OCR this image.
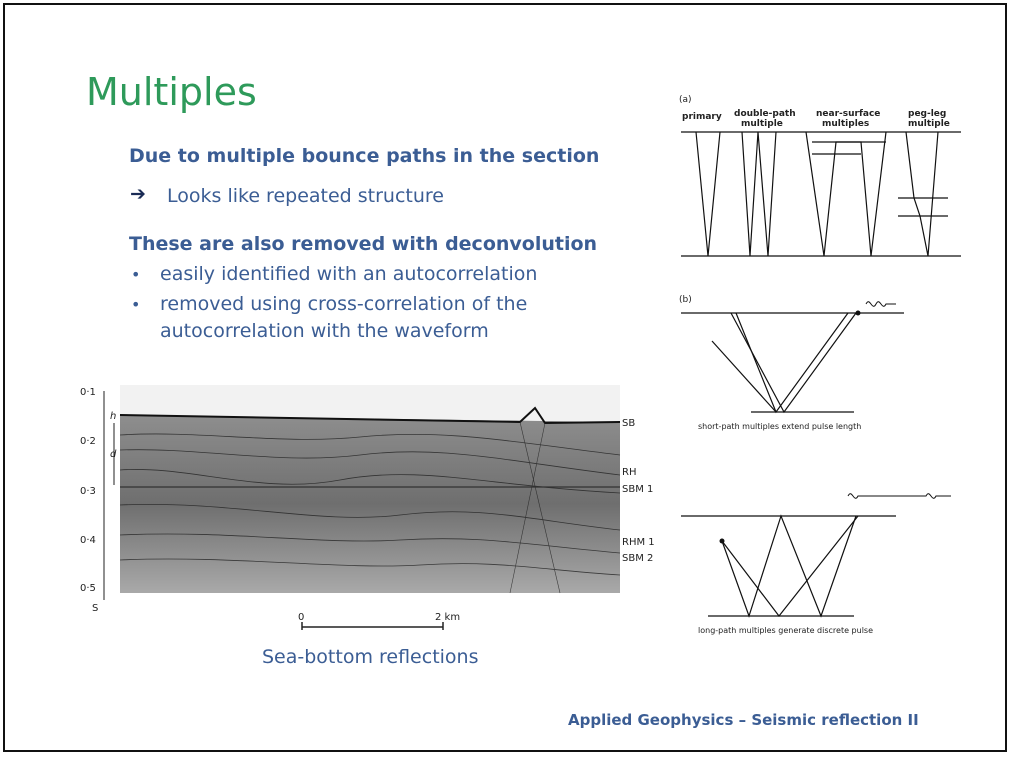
Multiples
Due to multiple bounce paths in the section
➔ Looks like repeated structure
These are also removed with deconvolution
• easily identified with an autocorrelation
• removed using cross-correlation of the
autocorrelation with the waveform
0·1
0·2
0·3
0·4
0·5
S
h
d
SB
RH
SBM 1
RHM 1
SBM 2
0	2 km
Sea-bottom reflections
(a)
primary double-path
multiple
near-surface
multiples
peg-leg
multiple
(b)
short-path multiples extend pulse length
long-path multiples generate discrete pulse
Applied Geophysics – Seismic reflection II
